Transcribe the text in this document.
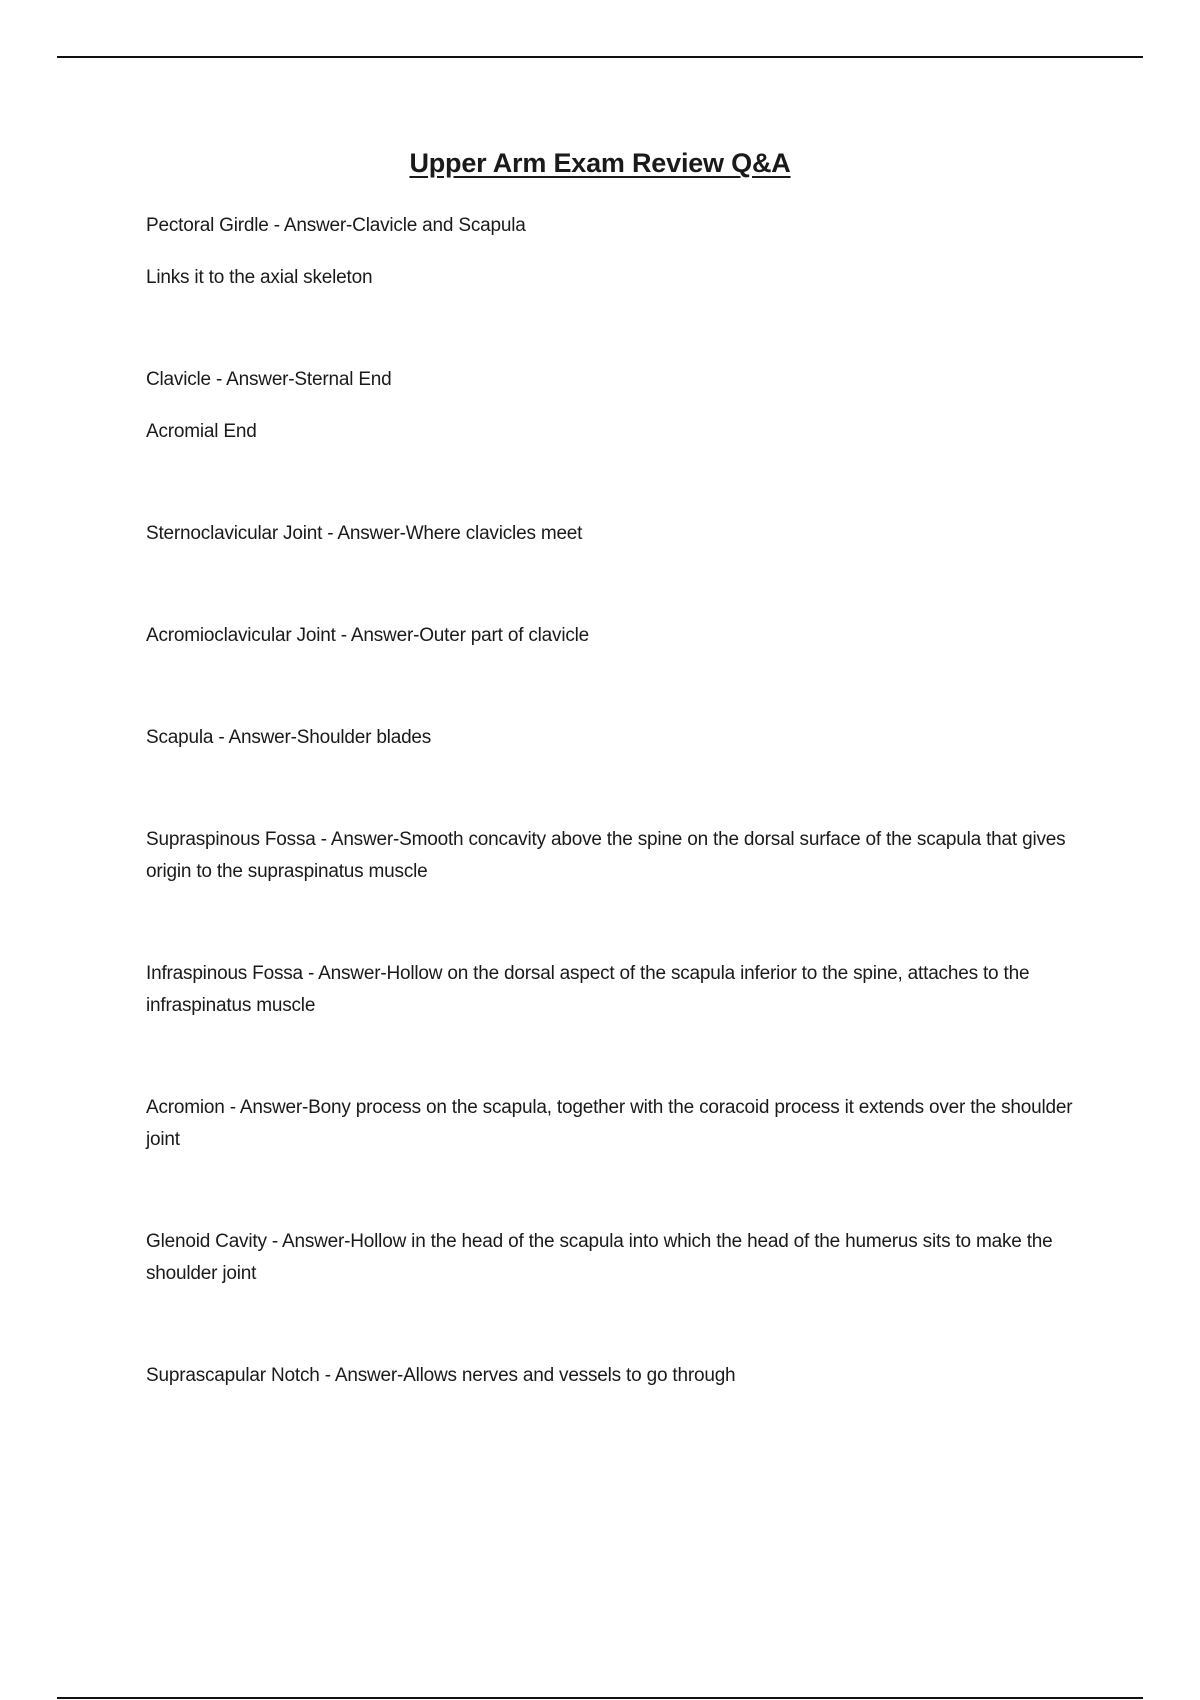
Upper Arm Exam Review Q&A

Pectoral Girdle - Answer-Clavicle and Scapula

Links it to the axial skeleton

Clavicle - Answer-Sternal End

Acromial End

Sternoclavicular Joint - Answer-Where clavicles meet

Acromioclavicular Joint - Answer-Outer part of clavicle

Scapula - Answer-Shoulder blades

Supraspinous Fossa - Answer-Smooth concavity above the spine on the dorsal surface of the scapula that gives origin to the supraspinatus muscle

Infraspinous Fossa - Answer-Hollow on the dorsal aspect of the scapula inferior to the spine, attaches to the infraspinatus muscle

Acromion - Answer-Bony process on the scapula, together with the coracoid process it extends over the shoulder joint

Glenoid Cavity - Answer-Hollow in the head of the scapula into which the head of the humerus sits to make the shoulder joint

Suprascapular Notch - Answer-Allows nerves and vessels to go through
